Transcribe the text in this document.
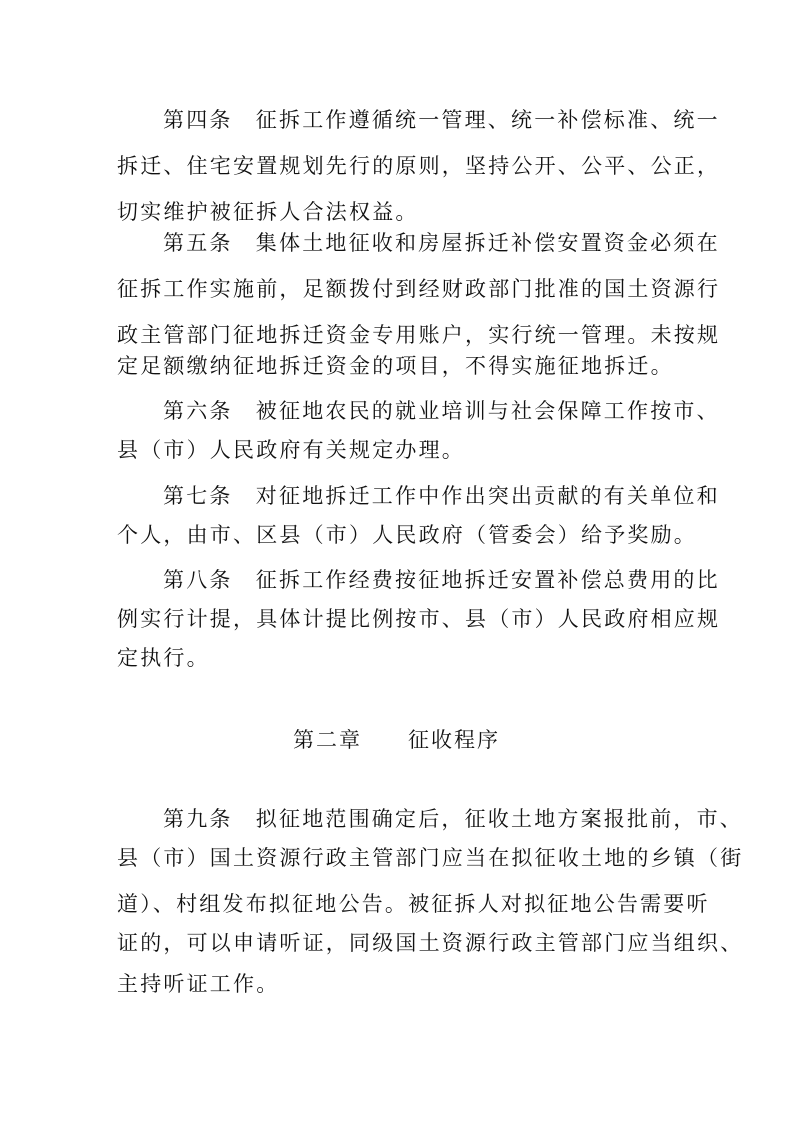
第四条　征拆工作遵循统一管理、统一补偿标准、统一
拆迁、住宅安置规划先行的原则，坚持公开、公平、公正，
切实维护被征拆人合法权益。
第五条　集体土地征收和房屋拆迁补偿安置资金必须在
征拆工作实施前，足额拨付到经财政部门批准的国土资源行
政主管部门征地拆迁资金专用账户，实行统一管理。未按规
定足额缴纳征地拆迁资金的项目，不得实施征地拆迁。
第六条　被征地农民的就业培训与社会保障工作按市、
县（市）人民政府有关规定办理。
第七条　对征地拆迁工作中作出突出贡献的有关单位和
个人，由市、区县（市）人民政府（管委会）给予奖励。
第八条　征拆工作经费按征地拆迁安置补偿总费用的比
例实行计提，具体计提比例按市、县（市）人民政府相应规
定执行。
第二章　　征收程序
第九条　拟征地范围确定后，征收土地方案报批前，市、
县（市）国土资源行政主管部门应当在拟征收土地的乡镇（街
道）、村组发布拟征地公告。被征拆人对拟征地公告需要听
证的，可以申请听证，同级国土资源行政主管部门应当组织、
主持听证工作。
